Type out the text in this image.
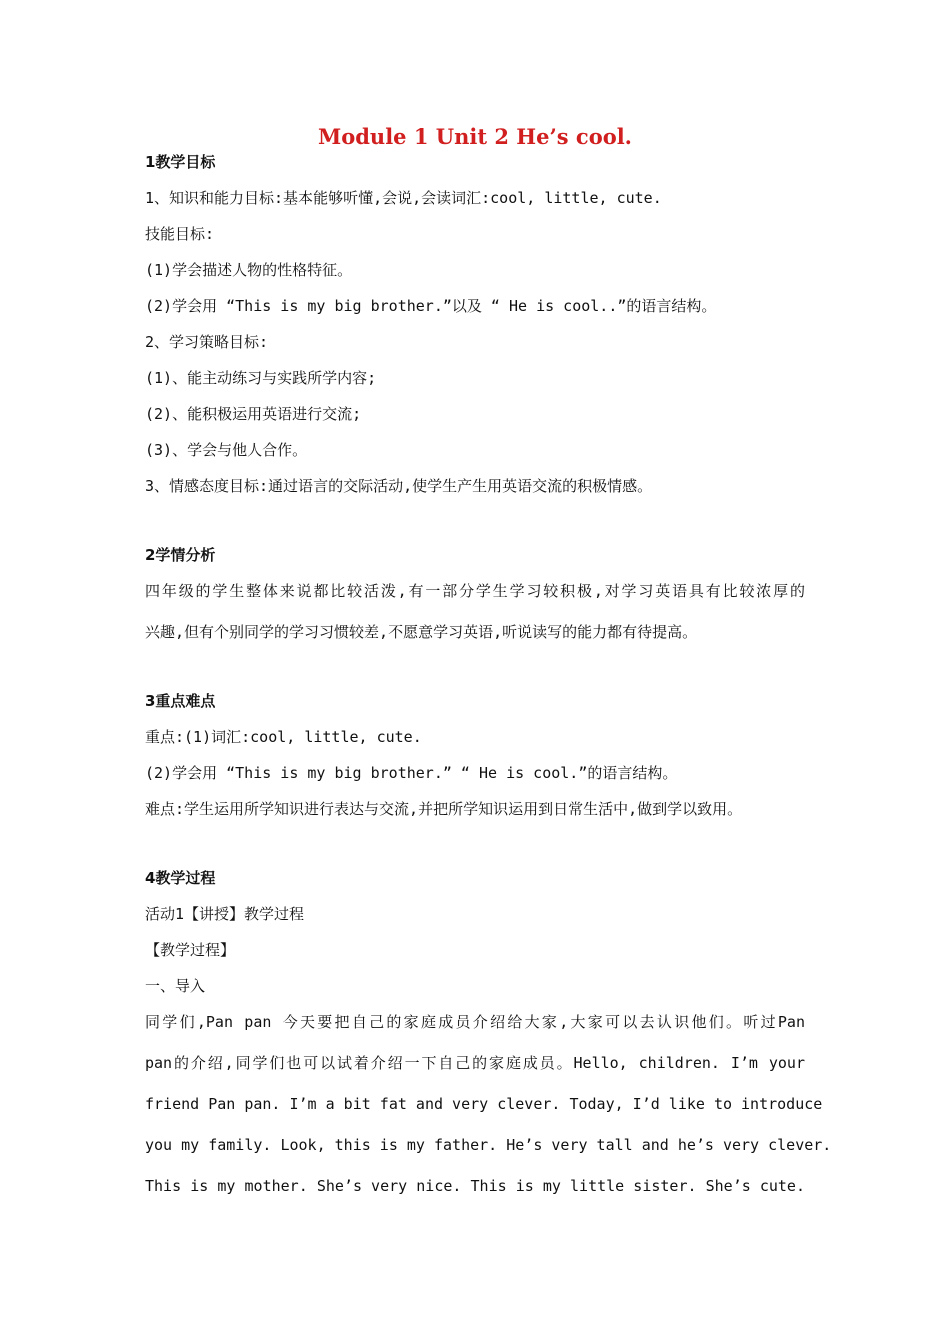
Module 1 Unit 2 He’s cool.
1教学目标
1、知识和能力目标:基本能够听懂,会说,会读词汇:cool, little, cute.
技能目标:
(1)学会描述人物的性格特征。
(2)学会用 “This is my big brother.”以及 “ He is cool..”的语言结构。
2、学习策略目标:
(1)、能主动练习与实践所学内容;
(2)、能积极运用英语进行交流;
(3)、学会与他人合作。
3、情感态度目标:通过语言的交际活动,使学生产生用英语交流的积极情感。
2学情分析
四年级的学生整体来说都比较活泼,有一部分学生学习较积极,对学习英语具有比较浓厚的
兴趣,但有个别同学的学习习惯较差,不愿意学习英语,听说读写的能力都有待提高。
3重点难点
重点:(1)词汇:cool, little, cute.
(2)学会用 “This is my big brother.” “ He is cool.”的语言结构。
难点:学生运用所学知识进行表达与交流,并把所学知识运用到日常生活中,做到学以致用。
4教学过程
活动1【讲授】教学过程
【教学过程】
一、导入
同学们,Pan pan 今天要把自己的家庭成员介绍给大家,大家可以去认识他们。听过Pan
pan的介绍,同学们也可以试着介绍一下自己的家庭成员。Hello, children. I’m your
friend Pan pan. I’m a bit fat and very clever. Today, I’d like to introduce
you my family. Look, this is my father. He’s very tall and he’s very clever.
This is my mother. She’s very nice. This is my little sister. She’s cute.
